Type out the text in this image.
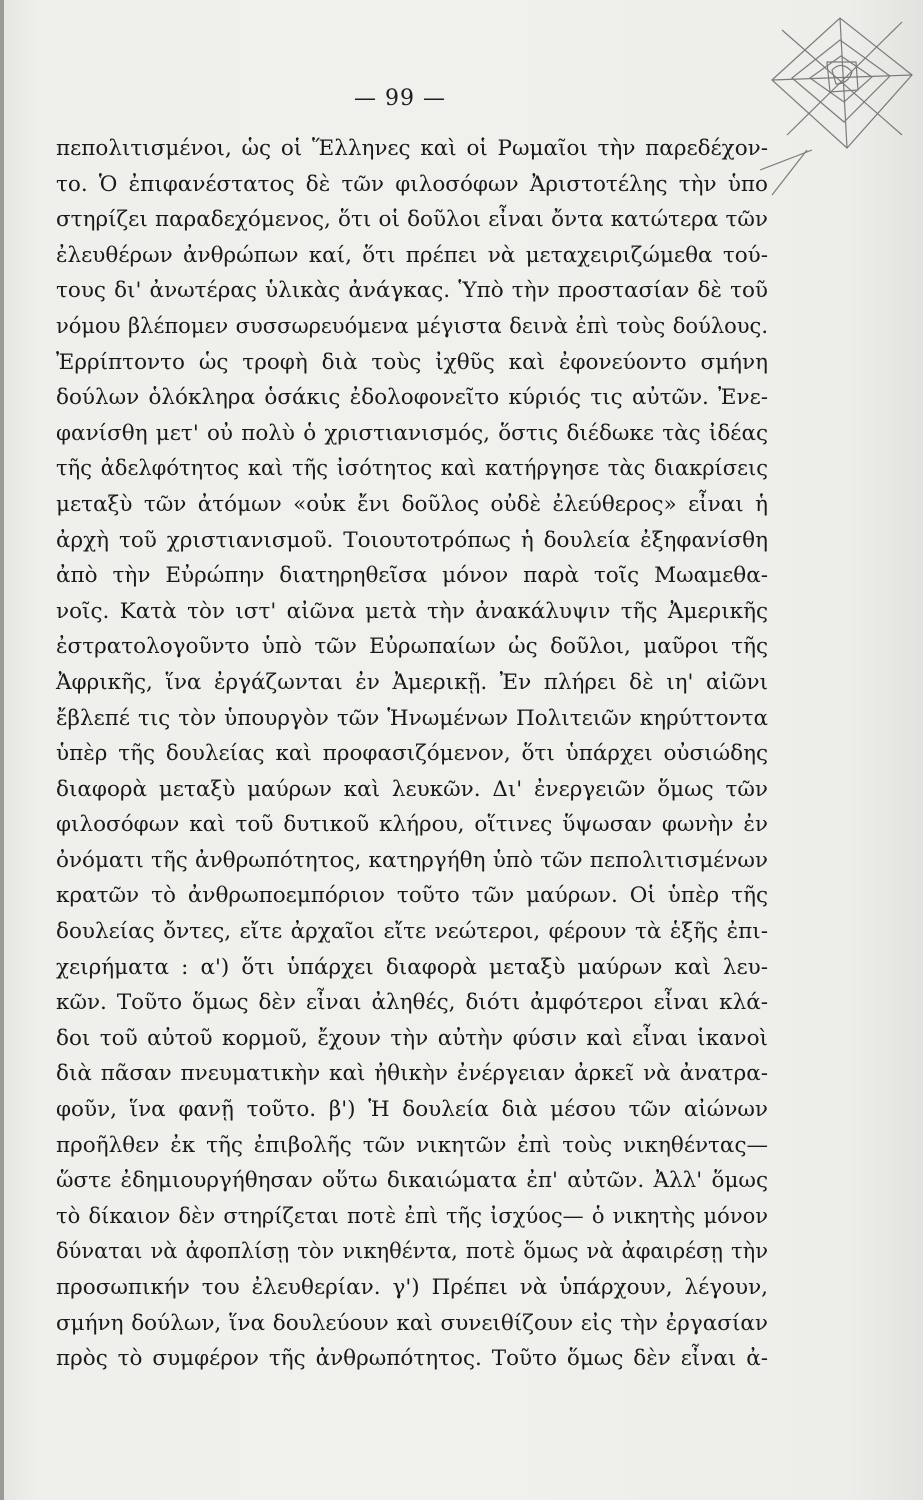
— 99 —
πεπολιτισμένοι, ὡς οἱ Ἕλληνες καὶ οἱ Ρωμαῖοι τὴν παρεδέχον-
το. Ὁ ἐπιφανέστατος δὲ τῶν φιλοσόφων Ἀριστοτέλης τὴν ὑπο
στηρίζει παραδεχόμενος, ὅτι οἱ δοῦλοι εἶναι ὄντα κατώτερα τῶν
ἐλευθέρων ἀνθρώπων καί, ὅτι πρέπει νὰ μεταχειριζώμεθα τού-
τους δι' ἀνωτέρας ὑλικὰς ἀνάγκας. Ὑπὸ τὴν προστασίαν δὲ τοῦ
νόμου βλέπομεν συσσωρευόμενα μέγιστα δεινὰ ἐπὶ τοὺς δούλους.
Ἐρρίπτοντο ὡς τροφὴ διὰ τοὺς ἰχθῦς καὶ ἐφονεύοντο σμήνη
δούλων ὁλόκληρα ὁσάκις ἐδολοφονεῖτο κύριός τις αὐτῶν. Ἐνε-
φανίσθη μετ' οὐ πολὺ ὁ χριστιανισμός, ὅστις διέδωκε τὰς ἰδέας
τῆς ἀδελφότητος καὶ τῆς ἰσότητος καὶ κατήργησε τὰς διακρίσεις
μεταξὺ τῶν ἀτόμων «οὐκ ἔνι δοῦλος οὐδὲ ἐλεύθερος» εἶναι ἡ
ἀρχὴ τοῦ χριστιανισμοῦ. Τοιουτοτρόπως ἡ δουλεία ἐξηφανίσθη
ἀπὸ τὴν Εὐρώπην διατηρηθεῖσα μόνον παρὰ τοῖς Μωαμεθα-
νοῖς. Κατὰ τὸν ιστ' αἰῶνα μετὰ τὴν ἀνακάλυψιν τῆς Ἀμερικῆς
ἐστρατολογοῦντο ὑπὸ τῶν Εὐρωπαίων ὡς δοῦλοι, μαῦροι τῆς
Ἀφρικῆς, ἵνα ἐργάζωνται ἐν Ἀμερικῇ. Ἐν πλήρει δὲ ιη' αἰῶνι
ἔβλεπέ τις τὸν ὑπουργὸν τῶν Ἡνωμένων Πολιτειῶν κηρύττοντα
ὑπὲρ τῆς δουλείας καὶ προφασιζόμενον, ὅτι ὑπάρχει οὐσιώδης
διαφορὰ μεταξὺ μαύρων καὶ λευκῶν. Δι' ἐνεργειῶν ὅμως τῶν
φιλοσόφων καὶ τοῦ δυτικοῦ κλήρου, οἵτινες ὕψωσαν φωνὴν ἐν
ὀνόματι τῆς ἀνθρωπότητος, κατηργήθη ὑπὸ τῶν πεπολιτισμένων
κρατῶν τὸ ἀνθρωποεμπόριον τοῦτο τῶν μαύρων. Οἱ ὑπὲρ τῆς
δουλείας ὄντες, εἴτε ἀρχαῖοι εἴτε νεώτεροι, φέρουν τὰ ἑξῆς ἐπι-
χειρήματα : α') ὅτι ὑπάρχει διαφορὰ μεταξὺ μαύρων καὶ λευ-
κῶν. Τοῦτο ὅμως δὲν εἶναι ἀληθές, διότι ἀμφότεροι εἶναι κλά-
δοι τοῦ αὐτοῦ κορμοῦ, ἔχουν τὴν αὐτὴν φύσιν καὶ εἶναι ἱκανοὶ
διὰ πᾶσαν πνευματικὴν καὶ ἠθικὴν ἐνέργειαν ἀρκεῖ νὰ ἀνατρα-
φοῦν, ἵνα φανῇ τοῦτο. β') Ἡ δουλεία διὰ μέσου τῶν αἰώνων
προῆλθεν ἐκ τῆς ἐπιβολῆς τῶν νικητῶν ἐπὶ τοὺς νικηθέντας—
ὥστε ἐδημιουργήθησαν οὕτω δικαιώματα ἐπ' αὐτῶν. Ἀλλ' ὅμως
τὸ δίκαιον δὲν στηρίζεται ποτὲ ἐπὶ τῆς ἰσχύος— ὁ νικητὴς μόνον
δύναται νὰ ἀφοπλίσῃ τὸν νικηθέντα, ποτὲ ὅμως νὰ ἀφαιρέσῃ τὴν
προσωπικήν του ἐλευθερίαν. γ') Πρέπει νὰ ὑπάρχουν, λέγουν,
σμήνη δούλων, ἵνα δουλεύουν καὶ συνειθίζουν εἰς τὴν ἐργασίαν
πρὸς τὸ συμφέρον τῆς ἀνθρωπότητος. Τοῦτο ὅμως δὲν εἶναι ἀ-
